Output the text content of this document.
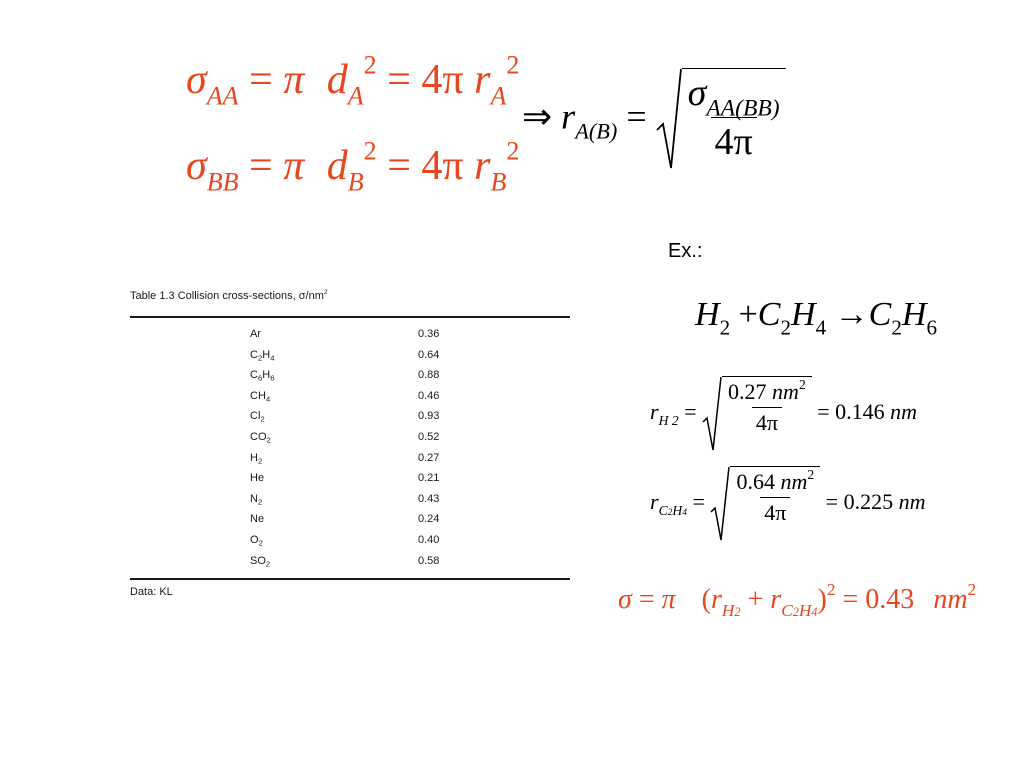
$\sigma_{AA} = \pi$ $d_A^2 = 4\pi$ $r_A^2$
$\sigma_{BB} = \pi$ $d_B^2 = 4\pi$ $r_B^2$
⇒ $r_{A(B)} = \frac{\sigma_{AA(BB)}}{4\pi}$
Ex.:
$H_2 +C_2H_4 \to C_2H_6$
$r_{H 2} = \frac{0.27 nm^2}{4\pi} = 0.146$ nm
$r_{C2H4} = \frac{0.64 nm^2}{4\pi} = 0.225$ nm
σ = π $(r_{H2} + r_{C2H4})^2 = 0.43$ $nm^2$
Table 1.3 Collision cross-sections, $\sigma/nm^2$
Ar	0.36
$C_2H_4$	0.64
$C_6H_6$	0.88
$CH_4$	0.46
$Cl_2$	0.93
$CO_2$	0.52
$H_2$	0.27
He	0.21
$N_2$	0.43
Ne	0.24
$O_2$	0.40
$SO_2$	0.58
Data: KL
